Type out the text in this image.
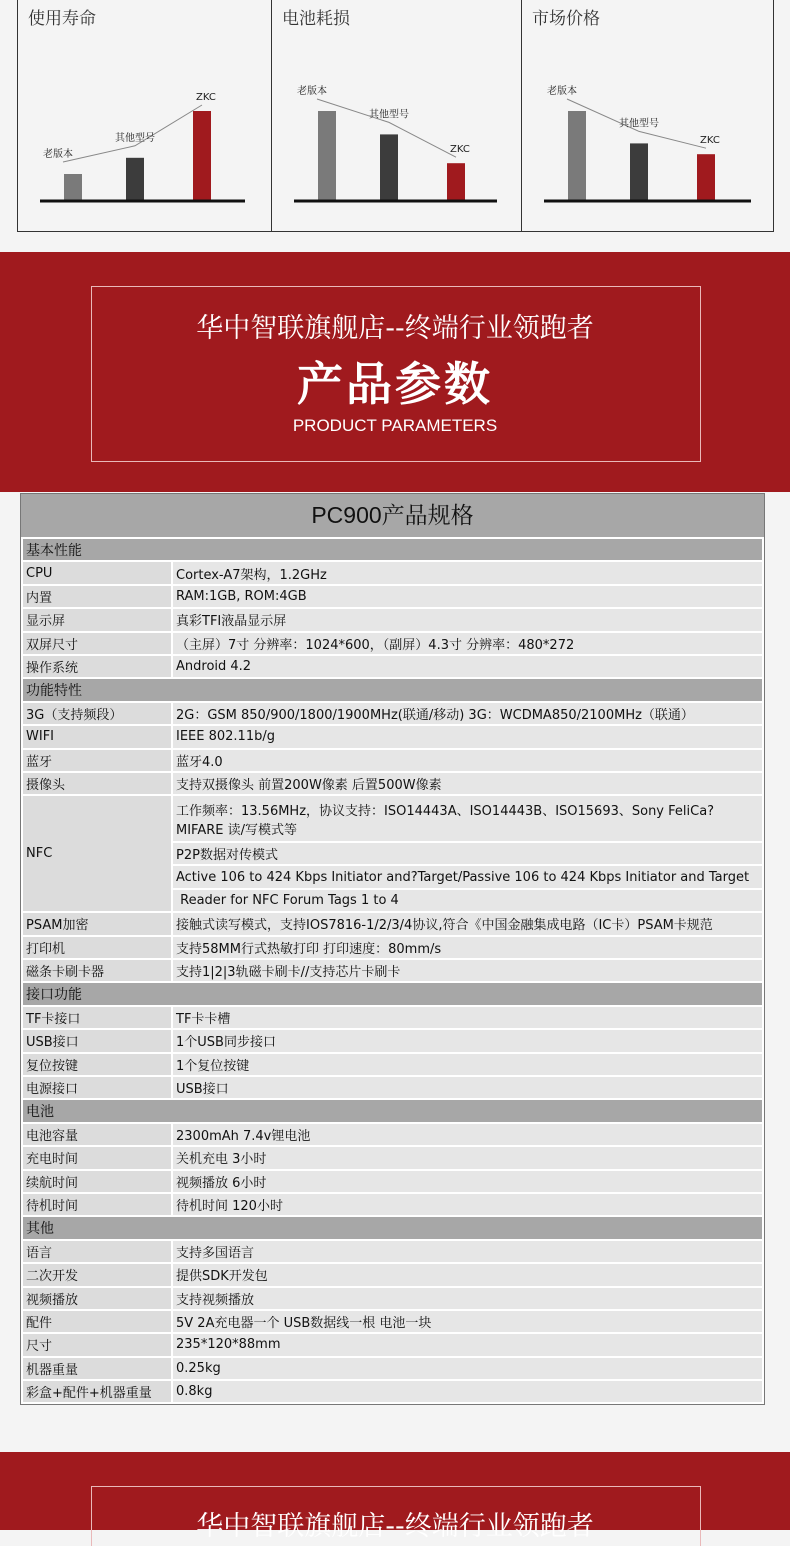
使用寿命
老版本
其他型号
ZKC
电池耗损
老版本
其他型号
ZKC
市场价格
老版本
其他型号
ZKC
华中智联旗舰店--终端行业领跑者
产品参数
PRODUCT PARAMETERS
PC900产品规格
基本性能	
CPU	Cortex-A7架构，1.2GHz
内置	RAM:1GB, ROM:4GB
显示屏	真彩TFI液晶显示屏
双屏尺寸	（主屏）7寸 分辨率：1024*600，（副屏）4.3寸 分辨率：480*272
操作系统	Android 4.2
功能特性	
3G（支持频段）	2G：GSM 850/900/1800/1900MHz(联通/移动) 3G：WCDMA850/2100MHz（联通）
WIFI	IEEE 802.11b/g
蓝牙	蓝牙4.0
摄像头	支持双摄像头 前置200W像素 后置500W像素
NFC	工作频率：13.56MHz，协议支持：ISO14443A、ISO14443B、ISO15693、Sony FeliCa?MIFARE 读/写模式等
	P2P数据对传模式
	Active 106 to 424 Kbps Initiator and?Target/Passive 106 to 424 Kbps Initiator and Target
	Reader for NFC Forum Tags 1 to 4
PSAM加密	接触式读写模式，支持IOS7816-1/2/3/4协议,符合《中国金融集成电路（IC卡）PSAM卡规范
打印机	支持58MM行式热敏打印 打印速度：80mm/s
磁条卡刷卡器	支持1|2|3轨磁卡刷卡//支持芯片卡刷卡
接口功能	
TF卡接口	TF卡卡槽
USB接口	1个USB同步接口
复位按键	1个复位按键
电源接口	USB接口
电池	
电池容量	2300mAh 7.4v锂电池
充电时间	关机充电 3小时
续航时间	视频播放 6小时
待机时间	待机时间 120小时
其他	
语言	支持多国语言
二次开发	提供SDK开发包
视频播放	支持视频播放
配件	5V 2A充电器一个 USB数据线一根 电池一块
尺寸	235*120*88mm
机器重量	0.25kg
彩盒+配件+机器重量	0.8kg
华中智联旗舰店--终端行业领跑者
